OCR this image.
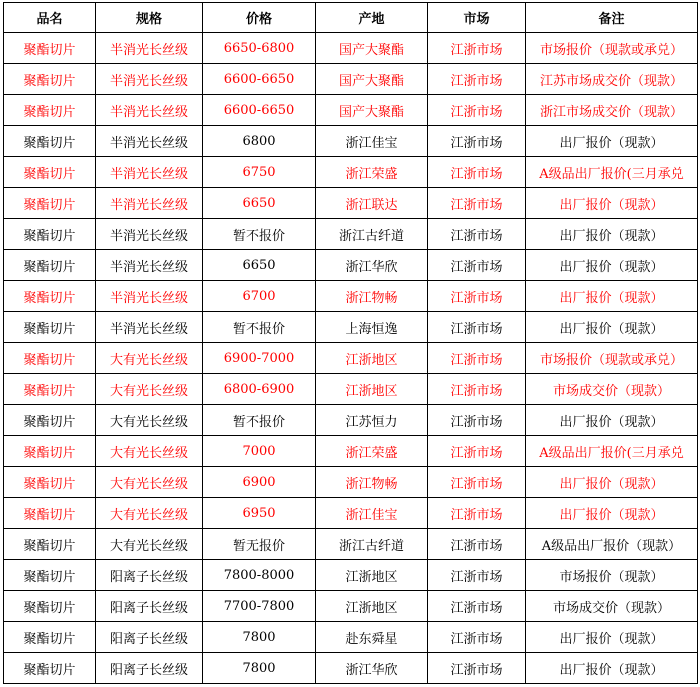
品名	规格	价格	产地	市场	备注
聚酯切片	半消光长丝级	6650-6800	国产大聚酯	江浙市场	市场报价（现款或承兑）
聚酯切片	半消光长丝级	6600-6650	国产大聚酯	江浙市场	江苏市场成交价（现款）
聚酯切片	半消光长丝级	6600-6650	国产大聚酯	江浙市场	浙江市场成交价（现款）
聚酯切片	半消光长丝级	6800	浙江佳宝	江浙市场	出厂报价（现款）
聚酯切片	半消光长丝级	6750	浙江荣盛	江浙市场	A级品出厂报价(三月承兑
聚酯切片	半消光长丝级	6650	浙江联达	江浙市场	出厂报价（现款）
聚酯切片	半消光长丝级	暂不报价	浙江古纤道	江浙市场	出厂报价（现款）
聚酯切片	半消光长丝级	6650	浙江华欣	江浙市场	出厂报价（现款）
聚酯切片	半消光长丝级	6700	浙江物畅	江浙市场	出厂报价（现款）
聚酯切片	半消光长丝级	暂不报价	上海恒逸	江浙市场	出厂报价（现款）
聚酯切片	大有光长丝级	6900-7000	江浙地区	江浙市场	市场报价（现款或承兑）
聚酯切片	大有光长丝级	6800-6900	江浙地区	江浙市场	市场成交价（现款）
聚酯切片	大有光长丝级	暂不报价	江苏恒力	江浙市场	出厂报价（现款）
聚酯切片	大有光长丝级	7000	浙江荣盛	江浙市场	A级品出厂报价(三月承兑
聚酯切片	大有光长丝级	6900	浙江物畅	江浙市场	出厂报价（现款）
聚酯切片	大有光长丝级	6950	浙江佳宝	江浙市场	出厂报价（现款）
聚酯切片	大有光长丝级	暂无报价	浙江古纤道	江浙市场	A级品出厂报价（现款）
聚酯切片	阳离子长丝级	7800-8000	江浙地区	江浙市场	市场报价（现款）
聚酯切片	阳离子长丝级	7700-7800	江浙地区	江浙市场	市场成交价（现款）
聚酯切片	阳离子长丝级	7800	赴东舜星	江浙市场	出厂报价（现款）
聚酯切片	阳离子长丝级	7800	浙江华欣	江浙市场	出厂报价（现款）
